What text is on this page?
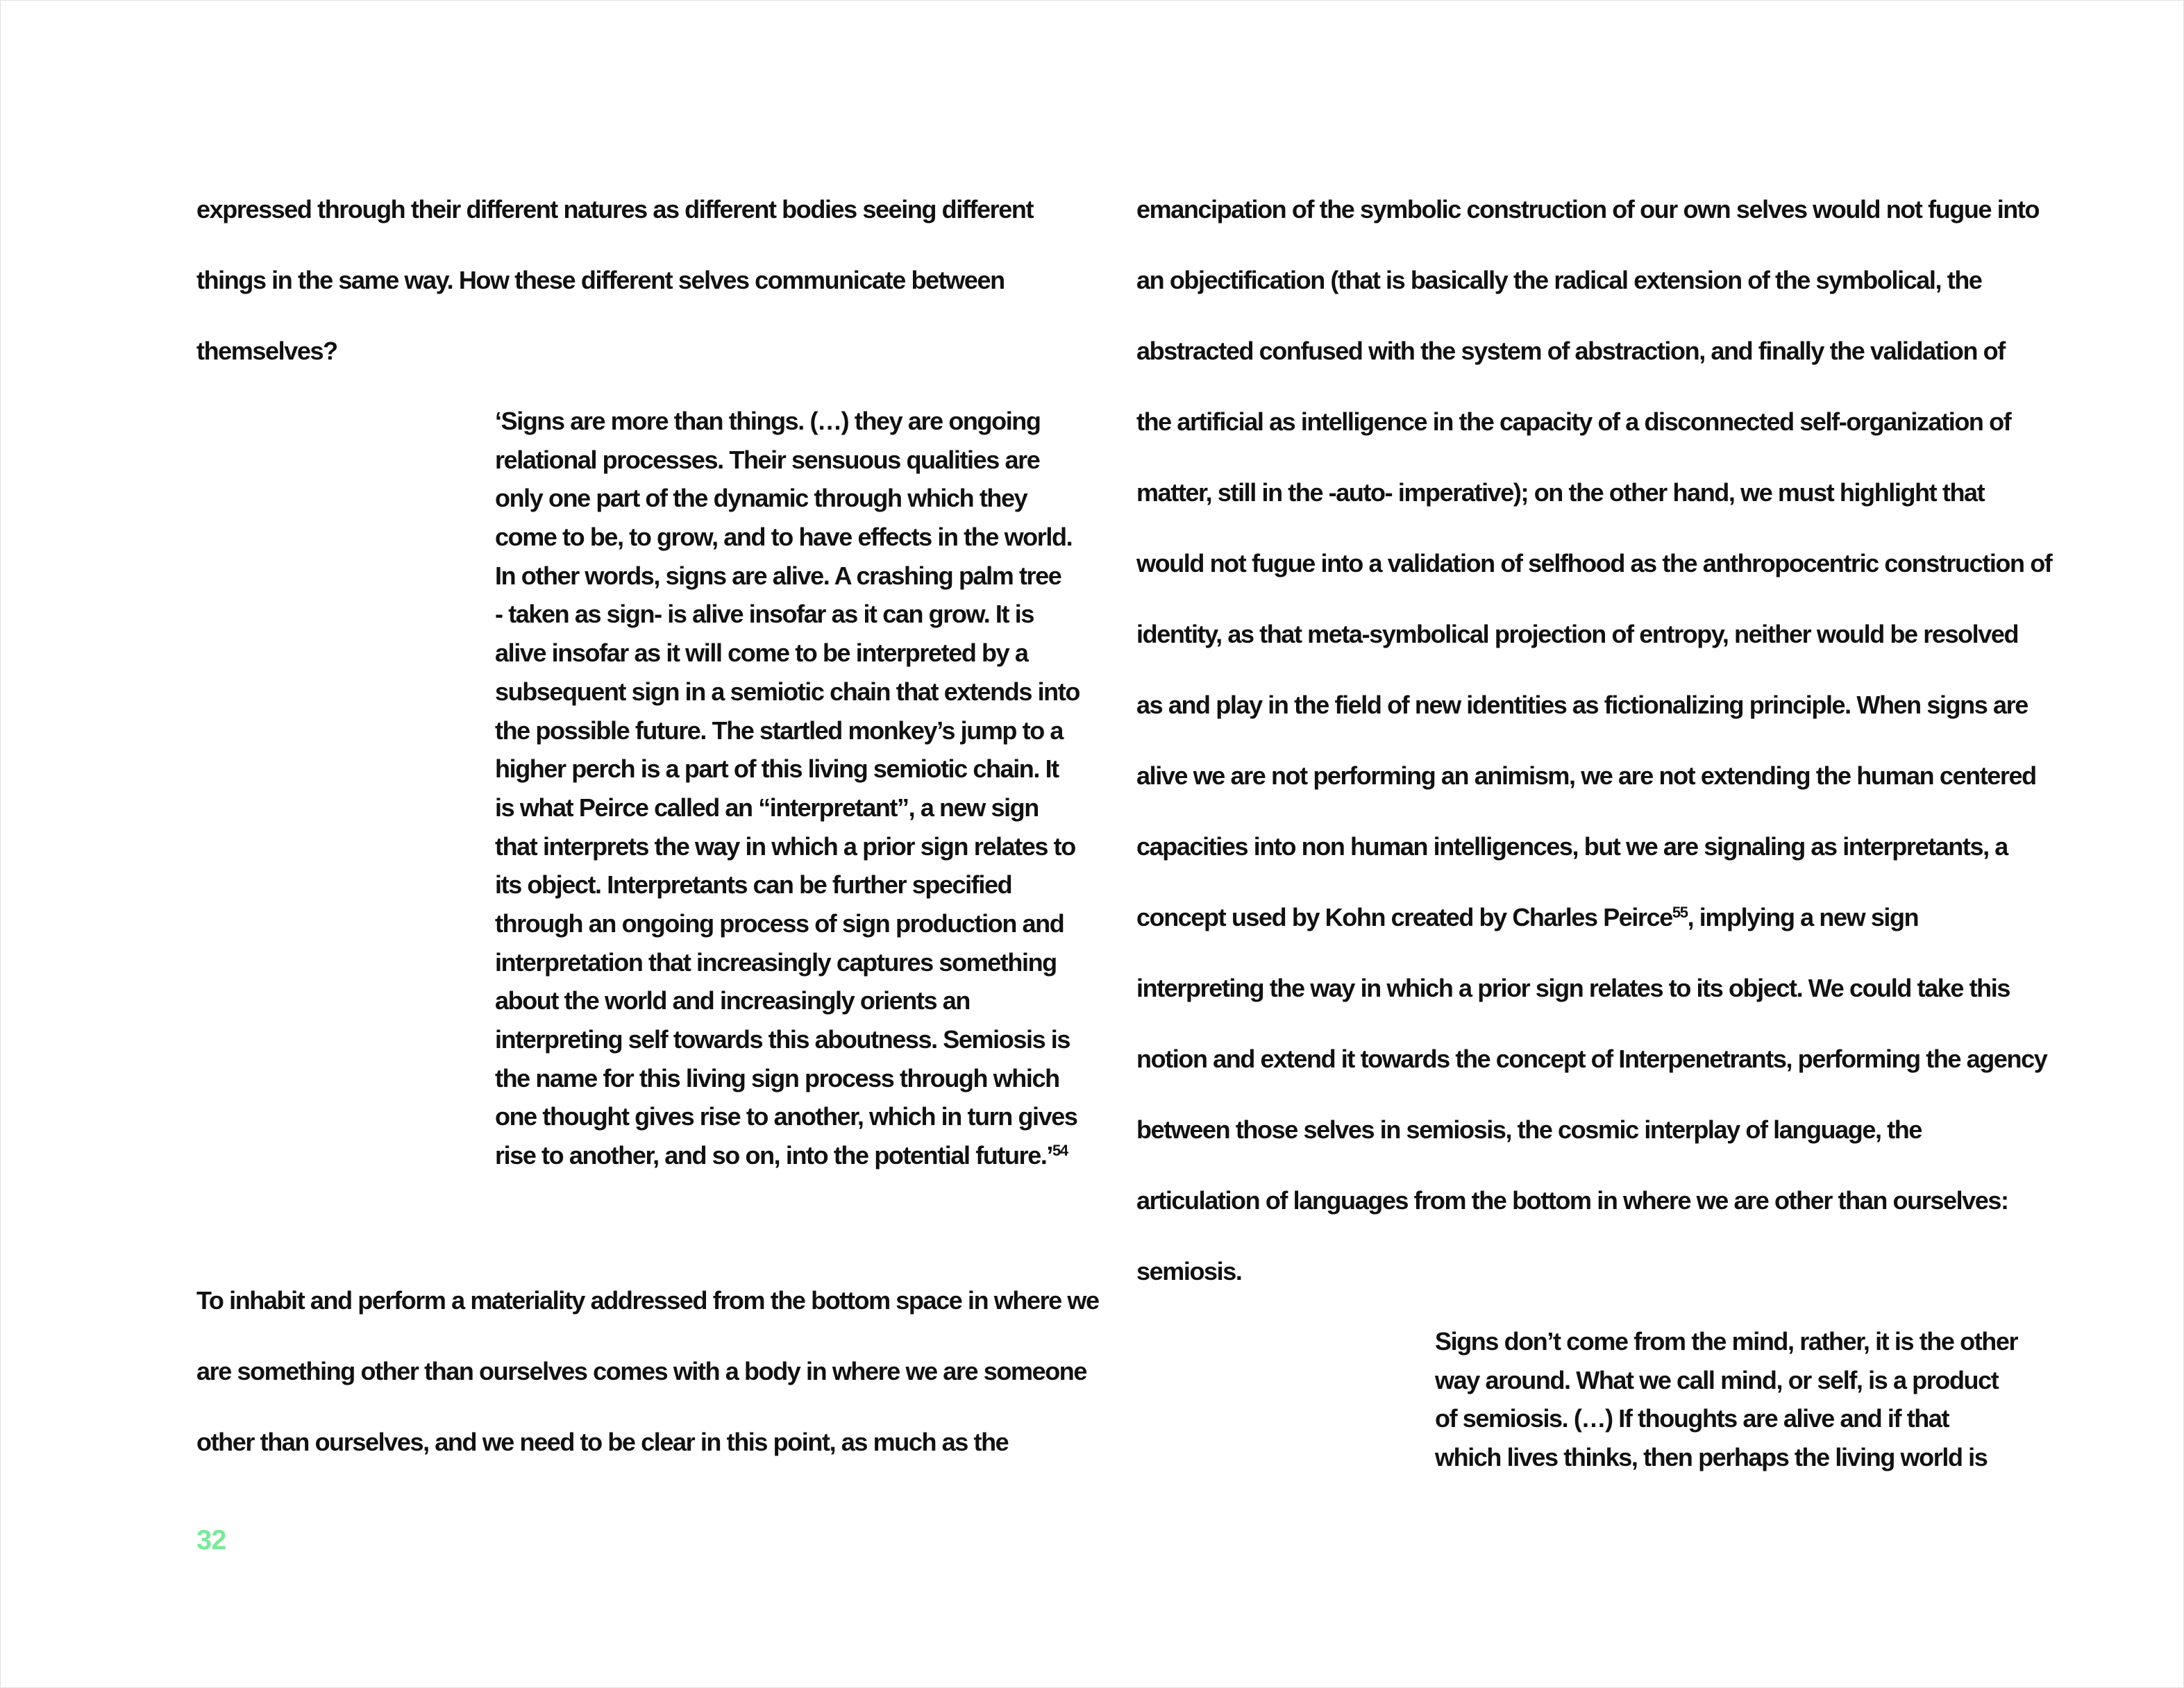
expressed through their different natures as different bodies seeing different
things in the same way. How these different selves communicate between
themselves?
‘Signs are more than things. (…) they are ongoing
relational processes. Their sensuous qualities are
only one part of the dynamic through which they
come to be, to grow, and to have effects in the world.
In other words, signs are alive. A crashing palm tree
- taken as sign- is alive insofar as it can grow. It is
alive insofar as it will come to be interpreted by a
subsequent sign in a semiotic chain that extends into
the possible future. The startled monkey’s jump to a
higher perch is a part of this living semiotic chain. It
is what Peirce called an “interpretant”, a new sign
that interprets the way in which a prior sign relates to
its object. Interpretants can be further specified
through an ongoing process of sign production and
interpretation that increasingly captures something
about the world and increasingly orients an
interpreting self towards this aboutness. Semiosis is
the name for this living sign process through which
one thought gives rise to another, which in turn gives
rise to another, and so on, into the potential future.’$^{54}$
To inhabit and perform a materiality addressed from the bottom space in where we
are something other than ourselves comes with a body in where we are someone
other than ourselves, and we need to be clear in this point, as much as the
emancipation of the symbolic construction of our own selves would not fugue into
an objectification (that is basically the radical extension of the symbolical, the
abstracted confused with the system of abstraction, and finally the validation of
the artificial as intelligence in the capacity of a disconnected self-organization of
matter, still in the -auto- imperative); on the other hand, we must highlight that
would not fugue into a validation of selfhood as the anthropocentric construction of
identity, as that meta-symbolical projection of entropy, neither would be resolved
as and play in the field of new identities as fictionalizing principle. When signs are
alive we are not performing an animism, we are not extending the human centered
capacities into non human intelligences, but we are signaling as interpretants, a
concept used by Kohn created by Charles Peirce$^{55}$, implying a new sign
interpreting the way in which a prior sign relates to its object. We could take this
notion and extend it towards the concept of Interpenetrants, performing the agency
between those selves in semiosis, the cosmic interplay of language, the
articulation of languages from the bottom in where we are other than ourselves:
semiosis.
Signs don’t come from the mind, rather, it is the other
way around. What we call mind, or self, is a product
of semiosis. (…) If thoughts are alive and if that
which lives thinks, then perhaps the living world is
32
